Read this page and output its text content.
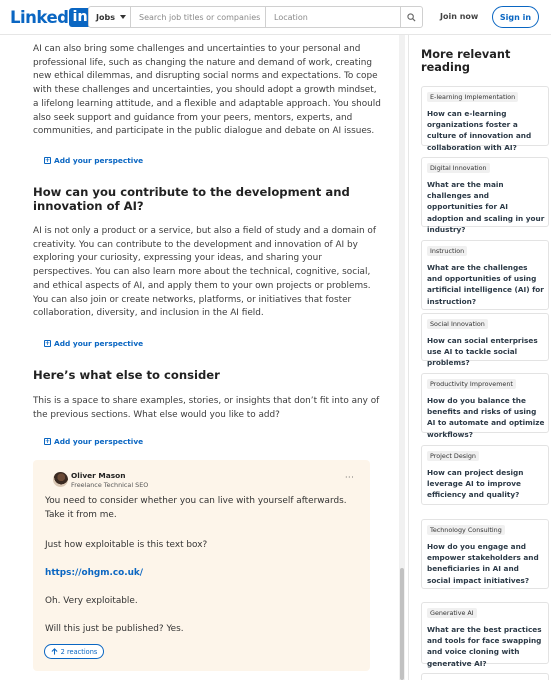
Linked in	Jobs
Search job titles or companies
Location	Join now	Sign in

AI can also bring some challenges and uncertainties to your personal and professional life, such as changing the nature and demand of work, creating new ethical dilemmas, and disrupting social norms and expectations. To cope with these challenges and uncertainties, you should adopt a growth mindset, a lifelong learning attitude, and a flexible and adaptable approach. You should also seek support and guidance from your peers, mentors, experts, and communities, and participate in the public dialogue and debate on AI issues.

+ Add your perspective
How can you contribute to the development and innovation of AI?

AI is not only a product or a service, but also a field of study and a domain of creativity. You can contribute to the development and innovation of AI by exploring your curiosity, expressing your ideas, and sharing your perspectives. You can also learn more about the technical, cognitive, social, and ethical aspects of AI, and apply them to your own projects or problems. You can also join or create networks, platforms, or initiatives that foster collaboration, diversity, and inclusion in the AI field.

+ Add your perspective
Here’s what else to consider

This is a space to share examples, stories, or insights that don’t fit into any of the previous sections. What else would you like to add?

+ Add your perspective
Oliver Mason
Freelance Technical SEO
···

You need to consider whether you can live with yourself afterwards. Take it from me.

Just how exploitable is this text box?

https://ohgm.co.uk/

Oh. Very exploitable.

Will this just be published? Yes.

2 reactions
More relevant reading
E-learning Implementation

How can e-learning organizations foster a culture of innovation and collaboration with AI?

Digital Innovation

What are the main challenges and opportunities for AI adoption and scaling in your industry?

Instruction

What are the challenges and opportunities of using artificial intelligence (AI) for instruction?

Social Innovation

How can social enterprises use AI to tackle social problems?

Productivity Improvement

How do you balance the benefits and risks of using AI to automate and optimize workflows?

Project Design

How can project design leverage AI to improve efficiency and quality?

Technology Consulting

How do you engage and empower stakeholders and beneficiaries in AI and social impact initiatives?

Generative AI

What are the best practices and tools for face swapping and voice cloning with generative AI?
